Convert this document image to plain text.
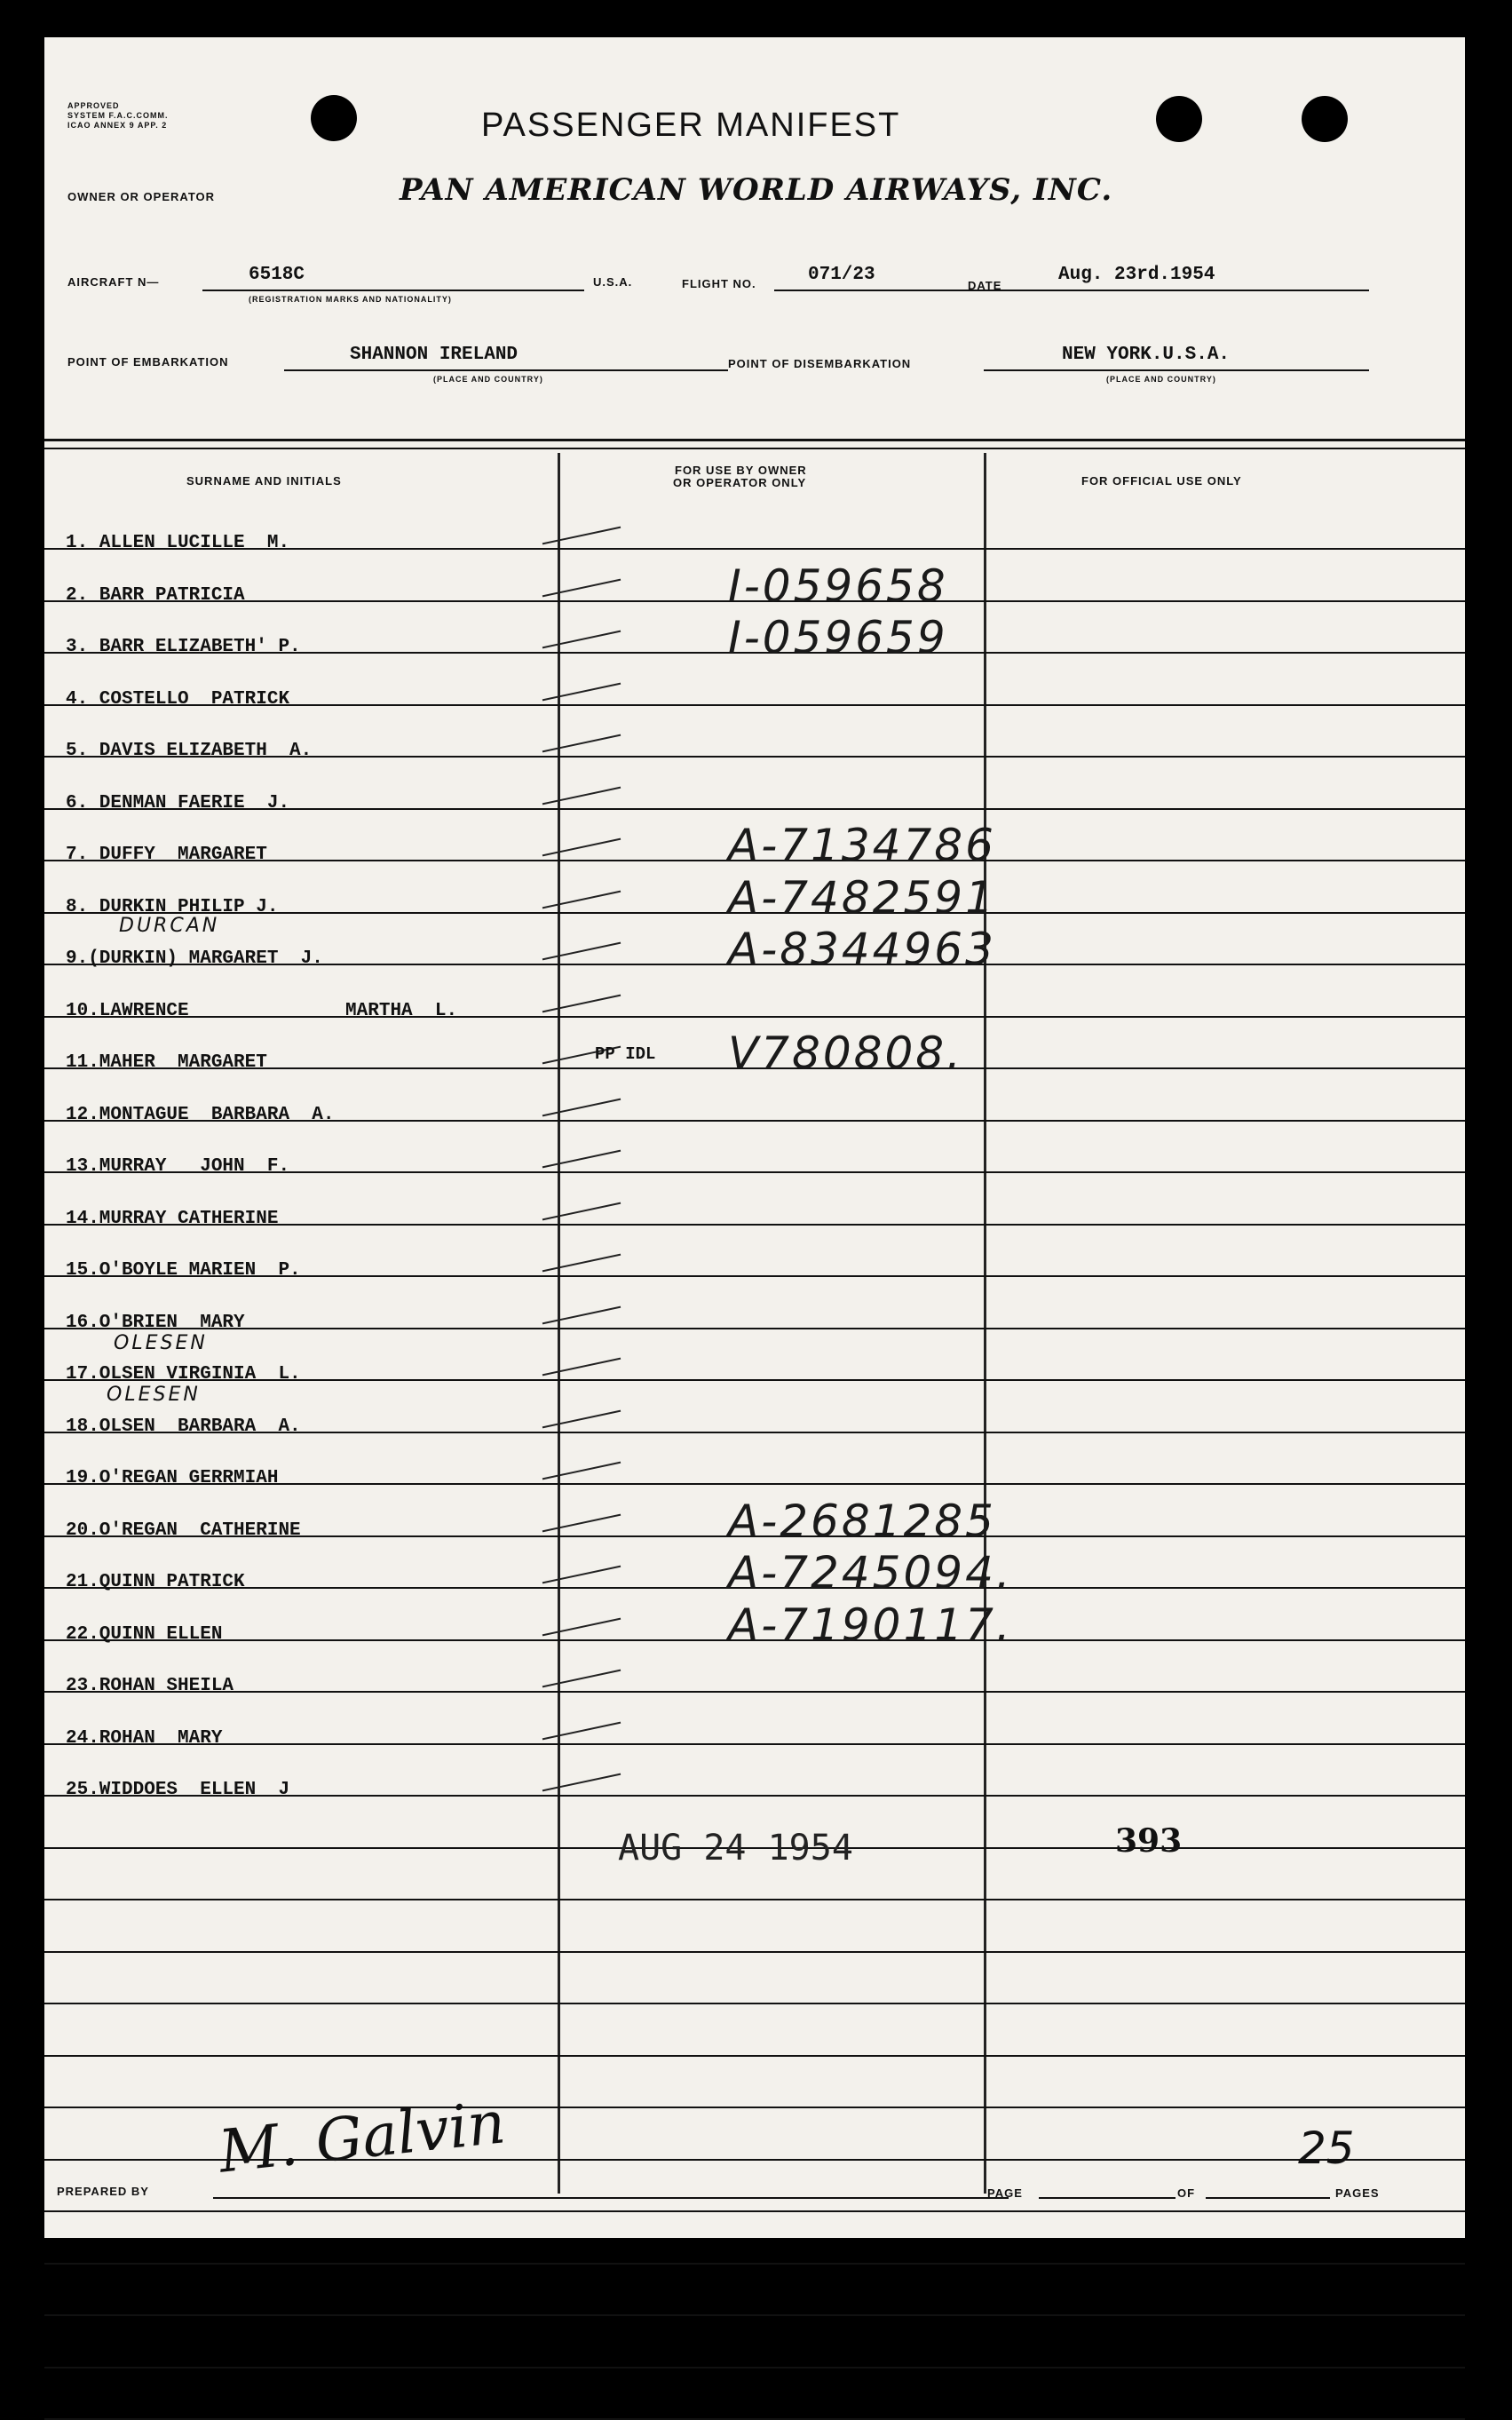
APPROVED
SYSTEM F.A.C.COMM.
ICAO ANNEX 9 APP. 2	PASSENGER MANIFEST
OWNER OR OPERATOR	PAN AMERICAN WORLD AIRWAYS, INC.
AIRCRAFT N—	6518C
(REGISTRATION MARKS AND NATIONALITY)
U.S.A.	FLIGHT NO.	071/23
DATE
Aug. 23rd.1954
POINT OF EMBARKATION	SHANNON IRELAND
(PLACE AND COUNTRY)
POINT OF DISEMBARKATION	NEW YORK.U.S.A.
(PLACE AND COUNTRY)
SURNAME AND INITIALS
FOR USE BY OWNER
OR OPERATOR ONLY	FOR OFFICIAL USE ONLY
1. ALLEN LUCILLE  M.
2. BARR PATRICIA	I-059658
3. BARR ELIZABETH' P.	I-059659
4. COSTELLO  PATRICK
5. DAVIS ELIZABETH  A.
6. DENMAN FAERIE  J.
7. DUFFY  MARGARET	A-7134786
8. DURKIN PHILIP J.	A-7482591
9.(DURKIN) MARGARET  J.	A-8344963
10.LAWRENCE  ______      MARTHA  L.
11.MAHER  MARGARET	V780808.
12.MONTAGUE  BARBARA  A.
13.MURRAY   JOHN  F.
14.MURRAY CATHERINE
15.O'BOYLE MARIEN  P.
16.O'BRIEN  MARY
17.OLSEN VIRGINIA  L.
18.OLSEN  BARBARA  A.
19.O'REGAN GERRMIAH
20.O'REGAN  CATHERINE	A-2681285
21.QUINN PATRICK	A-7245094.
22.QUINN ELLEN	A-7190117.
23.ROHAN SHEILA
24.ROHAN  MARY
25.WIDDOES  ELLEN  J
PP IDL
DURCAN
OLESEN
OLESEN
AUG 24 1954	393
PREPARED BY
M. Galvin
PAGE	OF	PAGES
25
